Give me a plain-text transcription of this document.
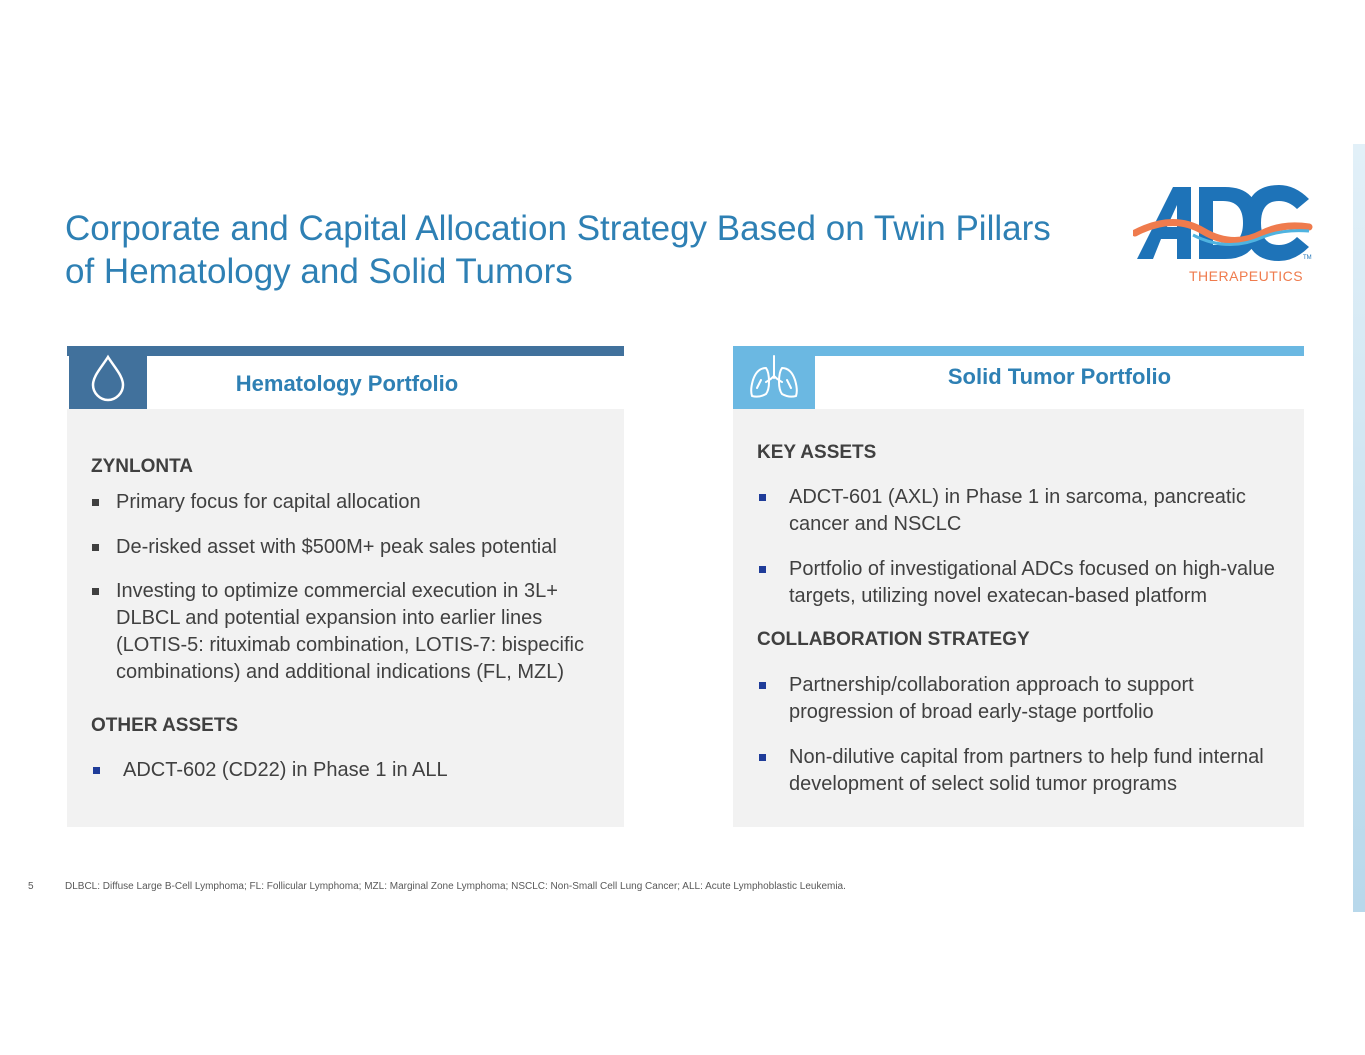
Corporate and Capital Allocation Strategy Based on Twin Pillars
of Hematology and Solid Tumors	TM
THERAPEUTICS
Hematology Portfolio
ZYNLONTA
Primary focus for capital allocation
De-risked asset with $500M+ peak sales potential
Investing to optimize commercial execution in 3L+ DLBCL and potential expansion into earlier lines (LOTIS-5: rituximab combination, LOTIS-7: bispecific combinations) and additional indications (FL, MZL)
OTHER ASSETS
ADCT-602 (CD22) in Phase 1 in ALL
Solid Tumor Portfolio
KEY ASSETS
ADCT-601 (AXL) in Phase 1 in sarcoma, pancreatic cancer and NSCLC
Portfolio of investigational ADCs focused on high-value targets, utilizing novel exatecan-based platform
COLLABORATION STRATEGY
Partnership/collaboration approach to support progression of broad early-stage portfolio
Non-dilutive capital from partners to help fund internal development of select solid tumor programs
5	DLBCL: Diffuse Large B-Cell Lymphoma; FL: Follicular Lymphoma; MZL: Marginal Zone Lymphoma; NSCLC: Non-Small Cell Lung Cancer; ALL: Acute Lymphoblastic Leukemia.
